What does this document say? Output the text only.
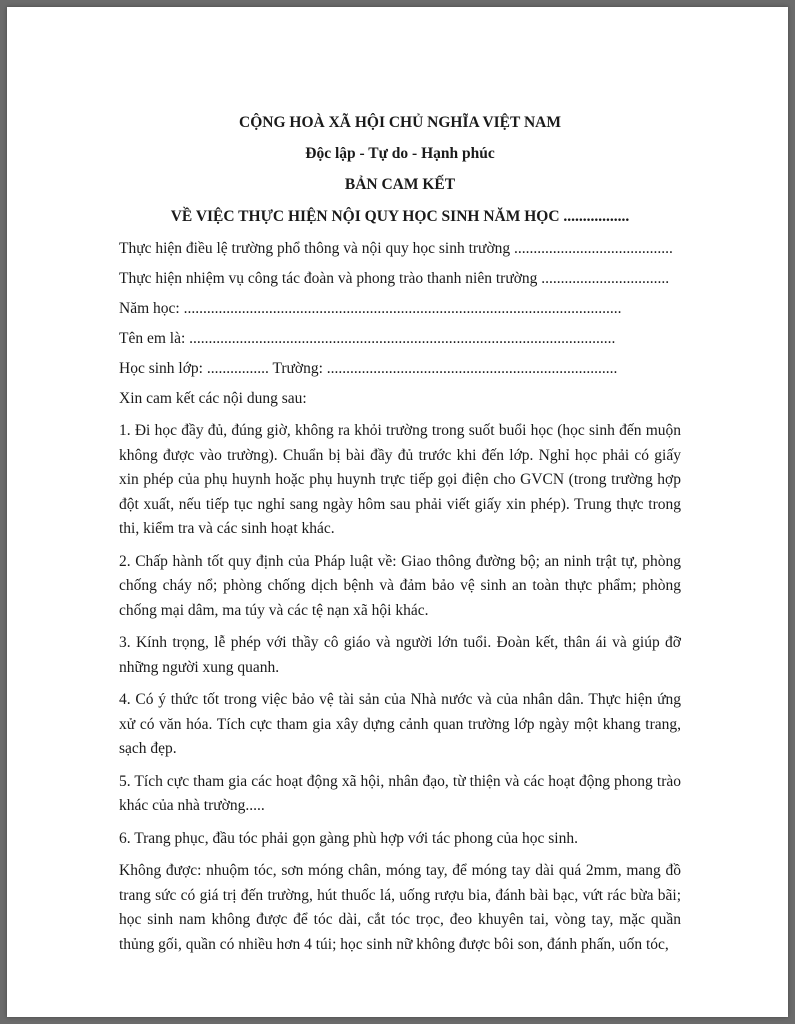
CỘNG HOÀ XÃ HỘI CHỦ NGHĨA VIỆT NAM
Độc lập - Tự do - Hạnh phúc
BẢN CAM KẾT
VỀ VIỆC THỰC HIỆN NỘI QUY HỌC SINH NĂM HỌC .................
Thực hiện điều lệ trường phổ thông và nội quy học sinh trường .........................................
Thực hiện nhiệm vụ công tác đoàn và phong trào thanh niên trường .................................
Năm học: .................................................................................................................
Tên em là: ..............................................................................................................
Học sinh lớp: ................ Trường: ...........................................................................

Xin cam kết các nội dung sau:

1. Đi học đầy đủ, đúng giờ, không ra khỏi trường trong suốt buổi học (học sinh đến muộn không được vào trường). Chuẩn bị bài đầy đủ trước khi đến lớp. Nghỉ học phải có giấy xin phép của phụ huynh hoặc phụ huynh trực tiếp gọi điện cho GVCN (trong trường hợp đột xuất, nếu tiếp tục nghỉ sang ngày hôm sau phải viết giấy xin phép). Trung thực trong thi, kiểm tra và các sinh hoạt khác.

2. Chấp hành tốt quy định của Pháp luật về: Giao thông đường bộ; an ninh trật tự, phòng chống cháy nổ; phòng chống dịch bệnh và đảm bảo vệ sinh an toàn thực phẩm; phòng chống mại dâm, ma túy và các tệ nạn xã hội khác.

3. Kính trọng, lễ phép với thầy cô giáo và người lớn tuổi. Đoàn kết, thân ái và giúp đỡ những người xung quanh.

4. Có ý thức tốt trong việc bảo vệ tài sản của Nhà nước và của nhân dân. Thực hiện ứng xử có văn hóa. Tích cực tham gia xây dựng cảnh quan trường lớp ngày một khang trang, sạch đẹp.

5. Tích cực tham gia các hoạt động xã hội, nhân đạo, từ thiện và các hoạt động phong trào khác của nhà trường.....

6. Trang phục, đầu tóc phải gọn gàng phù hợp với tác phong của học sinh.

Không được: nhuộm tóc, sơn móng chân, móng tay, để móng tay dài quá 2mm, mang đồ trang sức có giá trị đến trường, hút thuốc lá, uống rượu bia, đánh bài bạc, vứt rác bừa bãi; học sinh nam không được để tóc dài, cắt tóc trọc, đeo khuyên tai, vòng tay, mặc quần thủng gối, quần có nhiều hơn 4 túi; học sinh nữ không được bôi son, đánh phấn, uốn tóc,
